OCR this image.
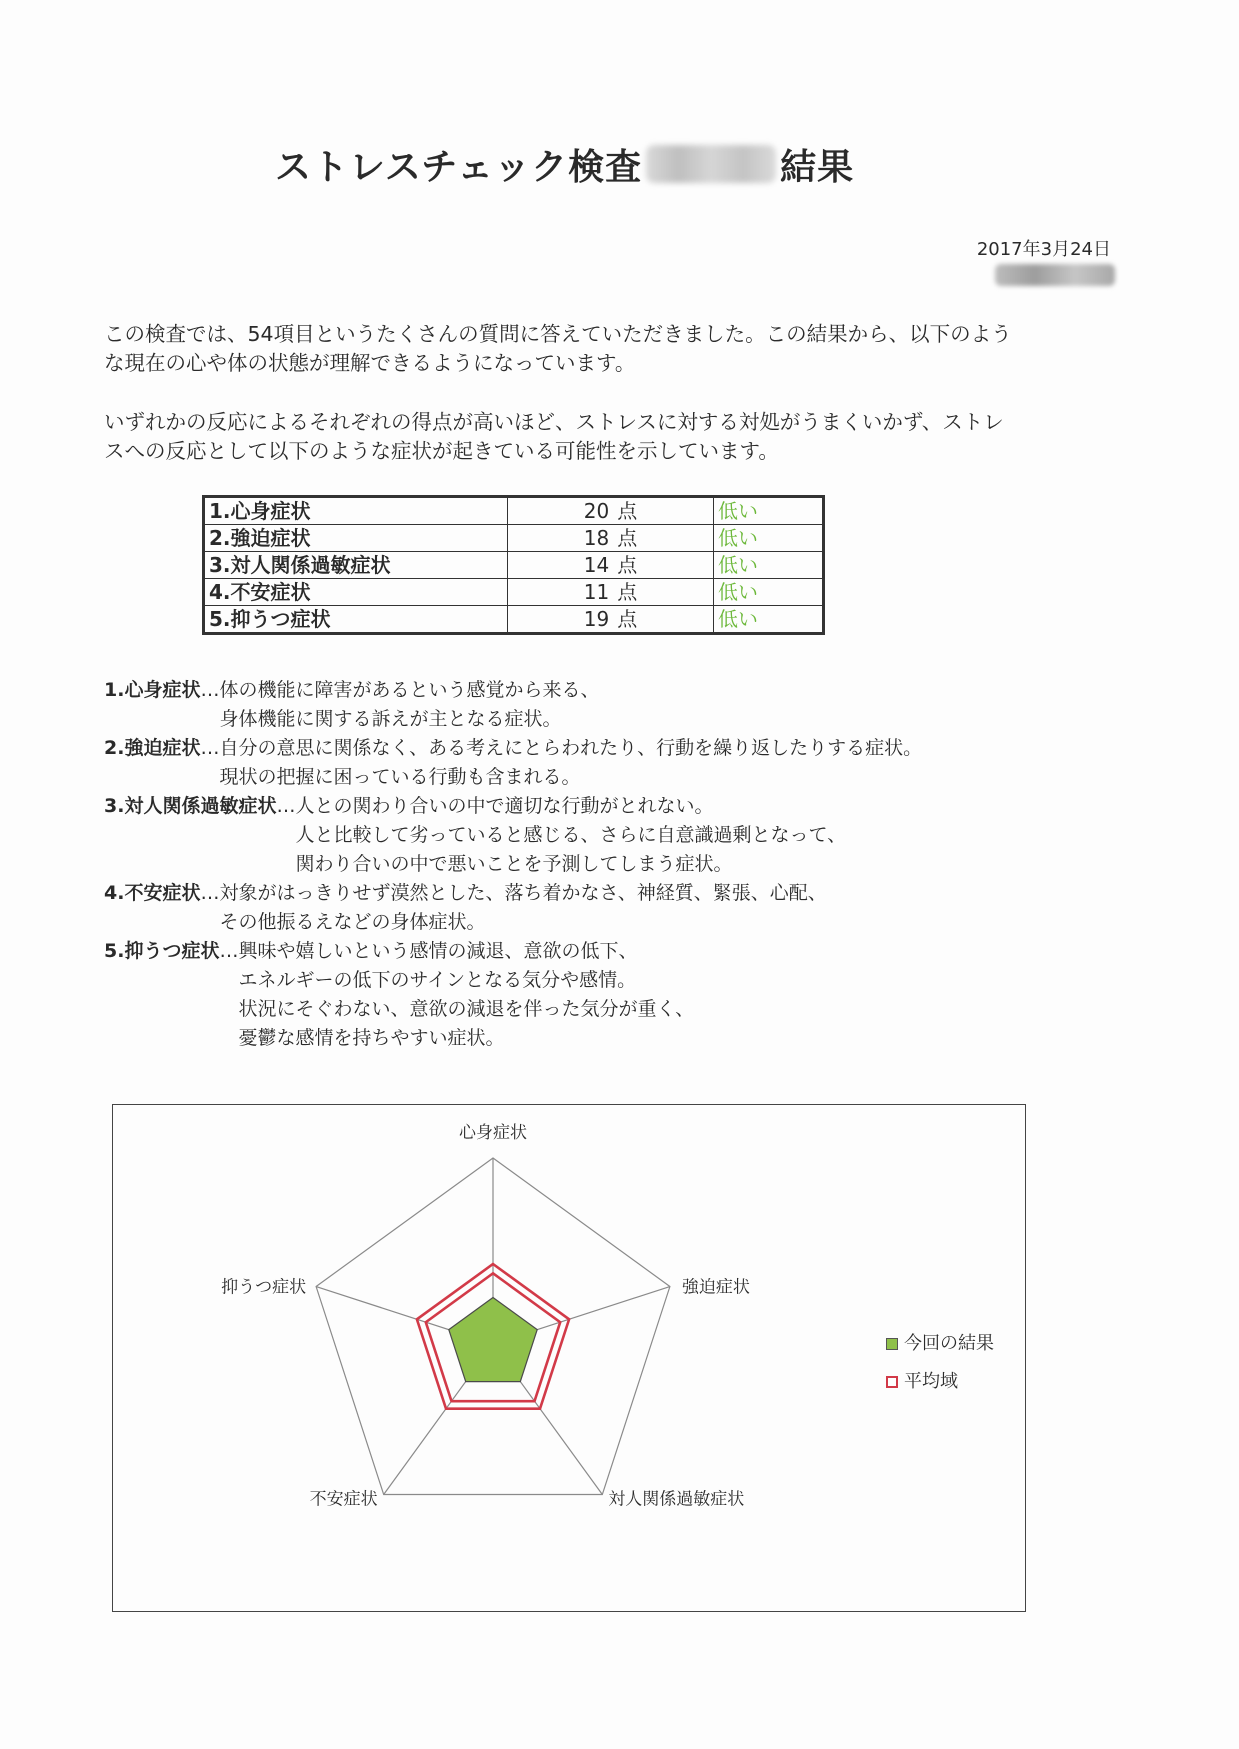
ストレスチェック検査	結果
2017年3月24日
この検査では、54項目というたくさんの質問に答えていただきました。この結果から、以下のよう
な現在の心や体の状態が理解できるようになっています。
いずれかの反応によるそれぞれの得点が高いほど、ストレスに対する対処がうまくいかず、ストレ
スへの反応として以下のような症状が起きている可能性を示しています。
1.心身症状	20 点	低い
2.強迫症状	18 点	低い
3.対人関係過敏症状	14 点	低い
4.不安症状	11 点	低い
5.抑うつ症状	19 点	低い
1.心身症状… 体の機能に障害があるという感覚から来る、
身体機能に関する訴えが主となる症状。
2.強迫症状… 自分の意思に関係なく、ある考えにとらわれたり、行動を繰り返したりする症状。
現状の把握に困っている行動も含まれる。
3.対人関係過敏症状… 人との関わり合いの中で適切な行動がとれない。
人と比較して劣っていると感じる、さらに自意識過剰となって、
関わり合いの中で悪いことを予測してしまう症状。
4.不安症状… 対象がはっきりせず漠然とした、落ち着かなさ、神経質、緊張、心配、
その他振るえなどの身体症状。
5.抑うつ症状… 興味や嬉しいという感情の減退、意欲の低下、
エネルギーの低下のサインとなる気分や感情。
状況にそぐわない、意欲の減退を伴った気分が重く、
憂鬱な感情を持ちやすい症状。
心身症状
強迫症状
対人関係過敏症状
不安症状
抑うつ症状
今回の結果
平均域
